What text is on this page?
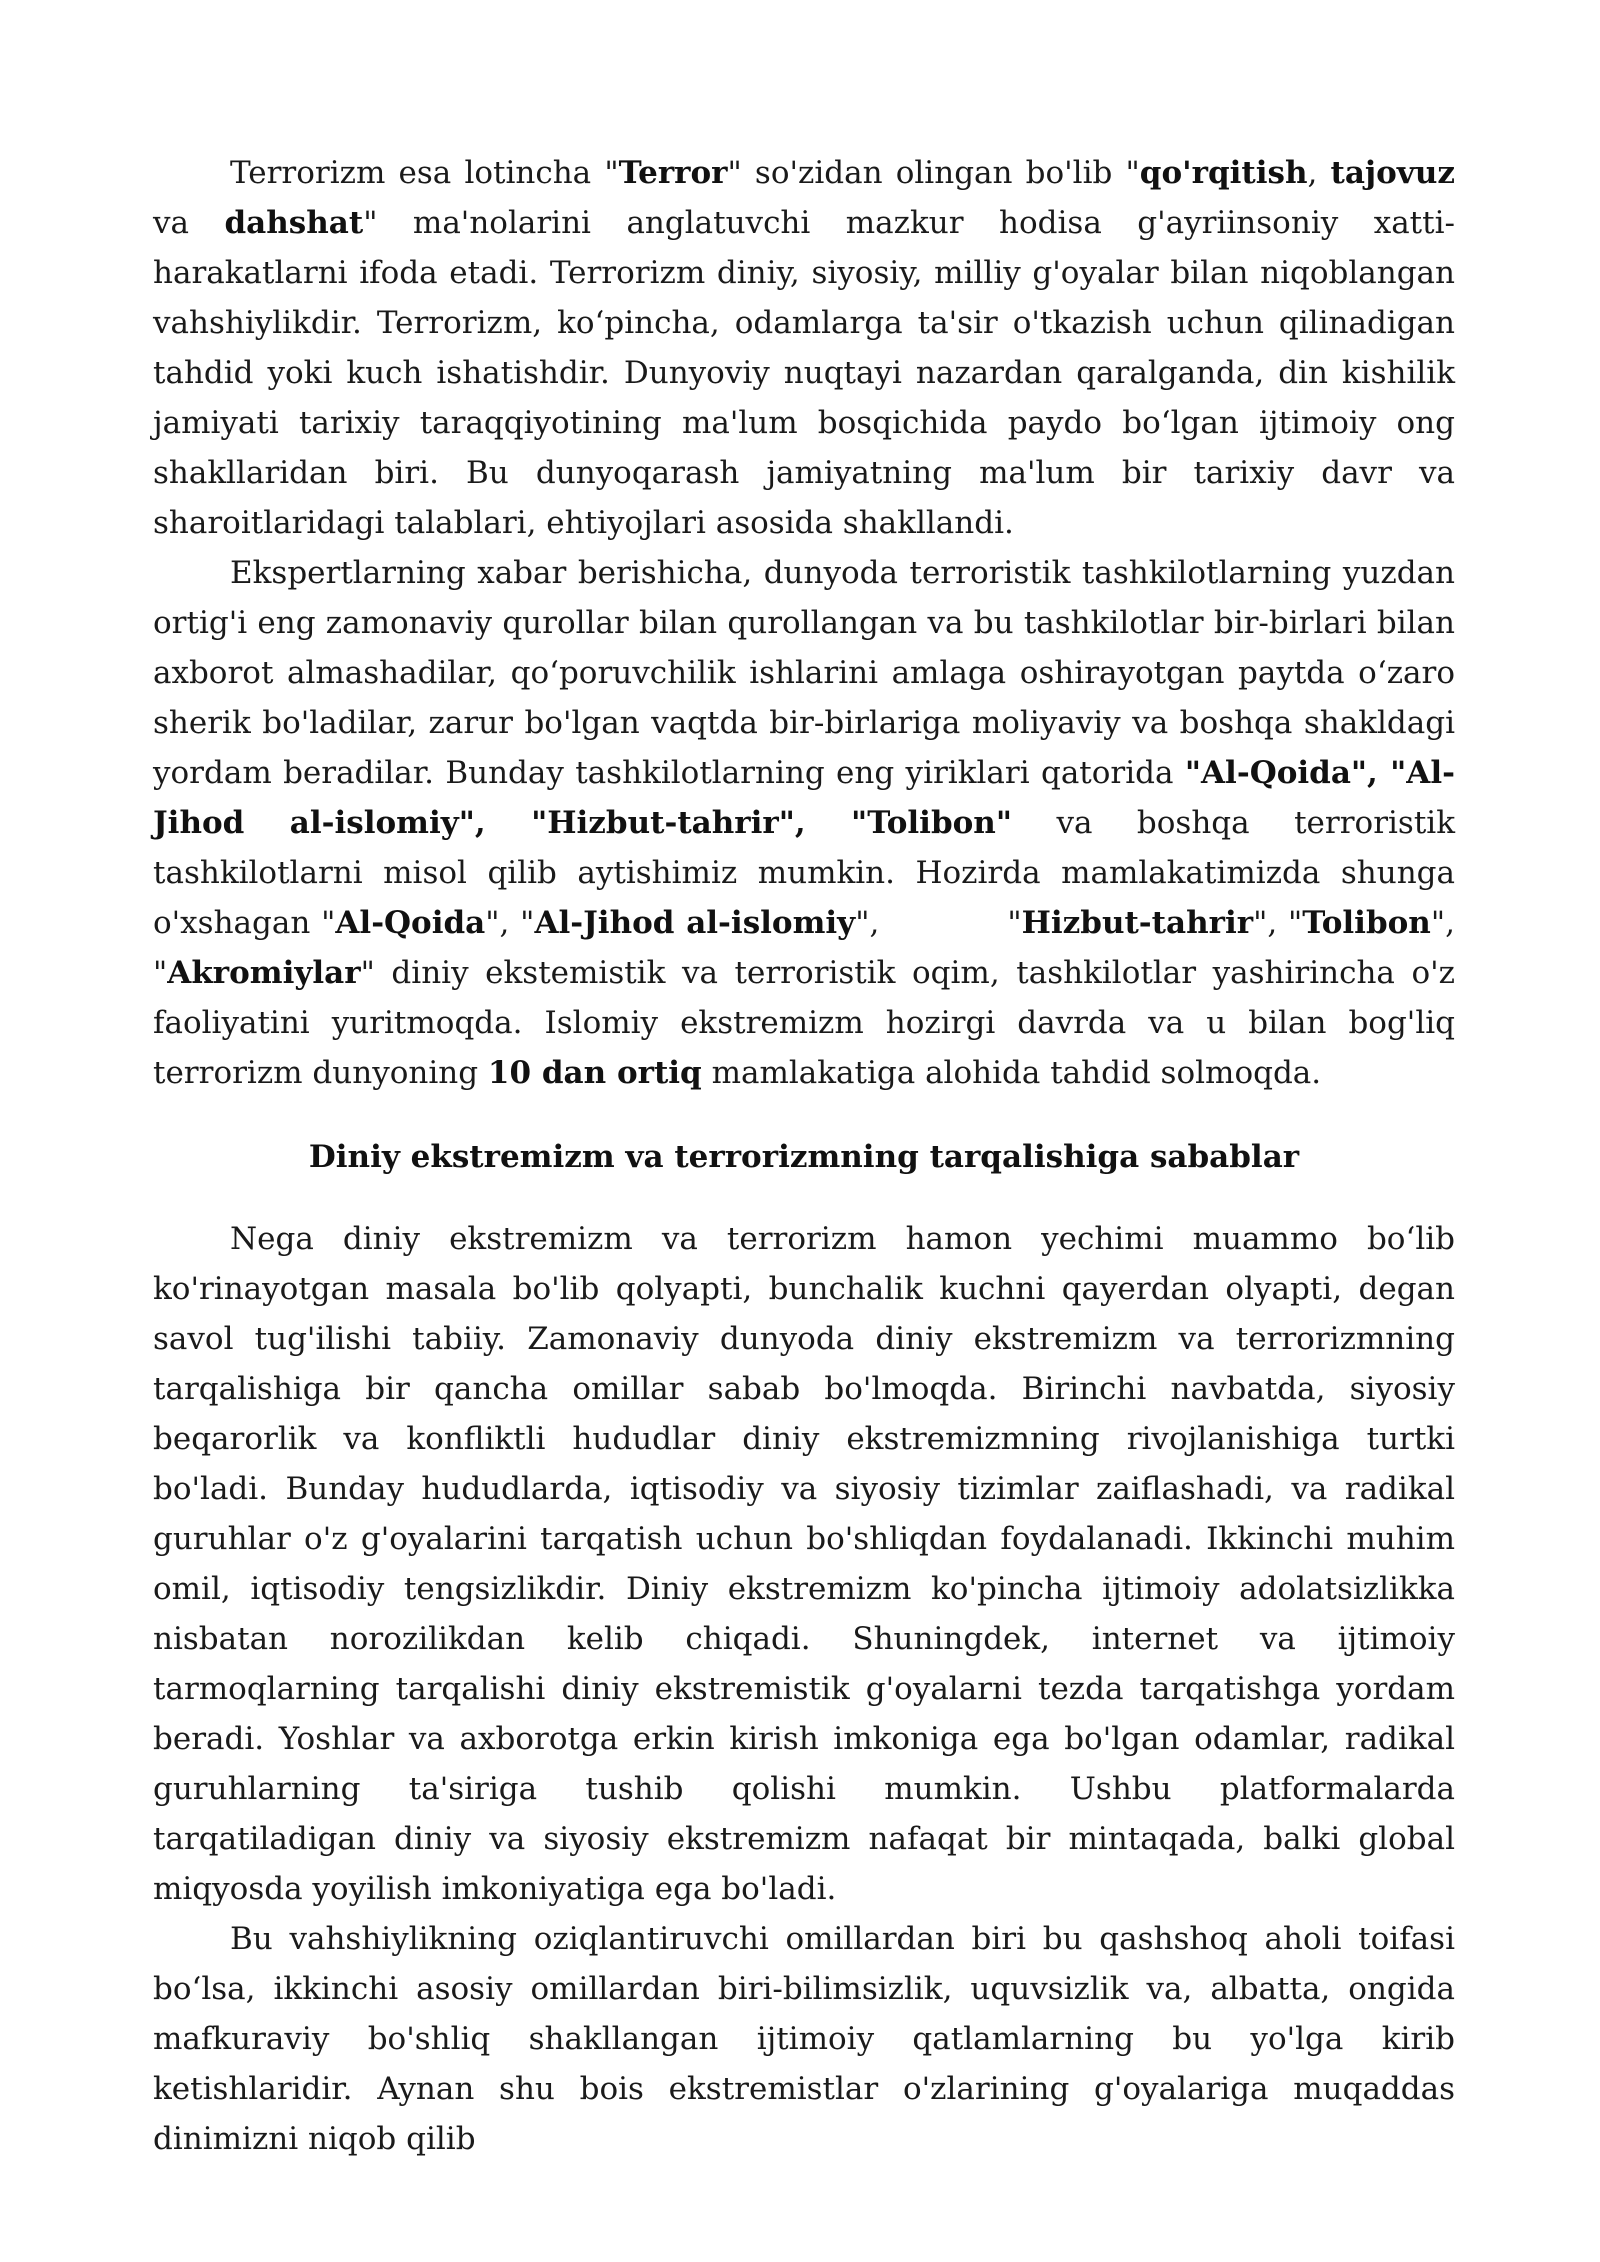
Terrorizm esa lotincha "Terror" so'zidan olingan bo'lib "qo'rqitish, tajovuz va dahshat" ma'nolarini anglatuvchi mazkur hodisa g'ayriinsoniy xatti-harakatlarni ifoda etadi. Terrorizm diniy, siyosiy, milliy g'oyalar bilan niqoblangan vahshiylikdir. Terrorizm, koʻpincha, odamlarga ta'sir o'tkazish uchun qilinadigan tahdid yoki kuch ishatishdir. Dunyoviy nuqtayi nazardan qaralganda, din kishilik jamiyati tarixiy taraqqiyotining ma'lum bosqichida paydo boʻlgan ijtimoiy ong shakllaridan biri. Bu dunyoqarash jamiyatning ma'lum bir tarixiy davr va sharoitlaridagi talablari, ehtiyojlari asosida shakllandi.

Ekspertlarning xabar berishicha, dunyoda terroristik tashkilotlarning yuzdan ortig'i eng zamonaviy qurollar bilan qurollangan va bu tashkilotlar bir-birlari bilan axborot almashadilar, qoʻporuvchilik ishlarini amlaga oshirayotgan paytda oʻzaro sherik bo'ladilar, zarur bo'lgan vaqtda bir-birlariga moliyaviy va boshqa shakldagi yordam beradilar. Bunday tashkilotlarning eng yiriklari qatorida "Al-Qoida", "Al-Jihod al-islomiy", "Hizbut-tahrir", "Tolibon" va boshqa terroristik tashkilotlarni misol qilib aytishimiz mumkin. Hozirda mamlakatimizda shunga o'xshagan "Al-Qoida", "Al-Jihod al-islomiy",	"Hizbut-tahrir", "Tolibon", "Akromiylar" diniy ekstemistik va terroristik oqim, tashkilotlar yashirincha o'z faoliyatini yuritmoqda. Islomiy ekstremizm hozirgi davrda va u bilan bog'liq terrorizm dunyoning 10 dan ortiq mamlakatiga alohida tahdid solmoqda.

Diniy ekstremizm va terrorizmning tarqalishiga sabablar

Nega diniy ekstremizm va terrorizm hamon yechimi muammo boʻlib ko'rinayotgan masala bo'lib qolyapti, bunchalik kuchni qayerdan olyapti, degan savol tug'ilishi tabiiy. Zamonaviy dunyoda diniy ekstremizm va terrorizmning tarqalishiga bir qancha omillar sabab bo'lmoqda. Birinchi navbatda, siyosiy beqarorlik va konfliktli hududlar diniy ekstremizmning rivojlanishiga turtki bo'ladi. Bunday hududlarda, iqtisodiy va siyosiy tizimlar zaiflashadi, va radikal guruhlar o'z g'oyalarini tarqatish uchun bo'shliqdan foydalanadi. Ikkinchi muhim omil, iqtisodiy tengsizlikdir. Diniy ekstremizm ko'pincha ijtimoiy adolatsizlikka nisbatan norozilikdan kelib chiqadi. Shuningdek, internet va ijtimoiy tarmoqlarning tarqalishi diniy ekstremistik g'oyalarni tezda tarqatishga yordam beradi. Yoshlar va axborotga erkin kirish imkoniga ega bo'lgan odamlar, radikal guruhlarning ta'siriga tushib qolishi mumkin. Ushbu platformalarda tarqatiladigan diniy va siyosiy ekstremizm nafaqat bir mintaqada, balki global miqyosda yoyilish imkoniyatiga ega bo'ladi.

Bu vahshiylikning oziqlantiruvchi omillardan biri bu qashshoq aholi toifasi boʻlsa, ikkinchi asosiy omillardan biri-bilimsizlik, uquvsizlik va, albatta, ongida mafkuraviy bo'shliq shakllangan ijtimoiy qatlamlarning bu yo'lga kirib ketishlaridir. Aynan shu bois ekstremistlar o'zlarining g'oyalariga muqaddas dinimizni niqob qilib
